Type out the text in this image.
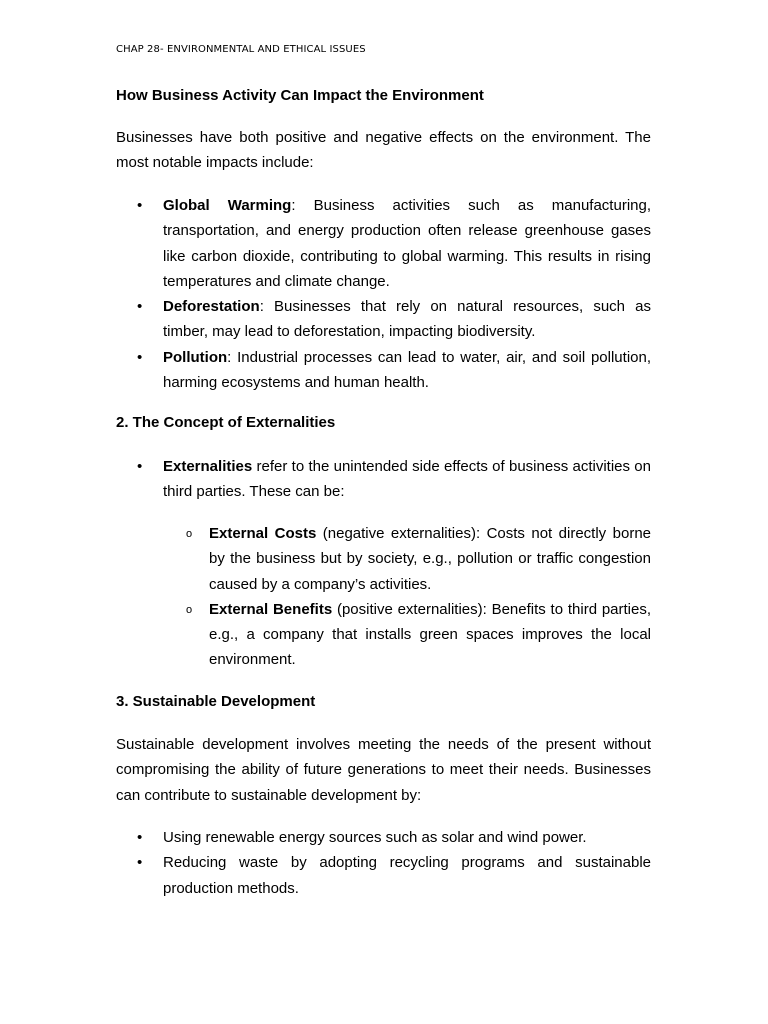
CHAP 28- ENVIRONMENTAL AND ETHICAL ISSUES
How Business Activity Can Impact the Environment
Businesses have both positive and negative effects on the environment. The most notable impacts include:
•	Global Warming: Business activities such as manufacturing, transportation, and energy production often release greenhouse gases like carbon dioxide, contributing to global warming. This results in rising temperatures and climate change.
•	Deforestation: Businesses that rely on natural resources, such as timber, may lead to deforestation, impacting biodiversity.
•	Pollution: Industrial processes can lead to water, air, and soil pollution, harming ecosystems and human health.
2. The Concept of Externalities
•	Externalities refer to the unintended side effects of business activities on third parties. These can be:
o External Costs (negative externalities): Costs not directly borne by the business but by society, e.g., pollution or traffic congestion caused by a company’s activities.
o External Benefits (positive externalities): Benefits to third parties, e.g., a company that installs green spaces improves the local environment.
3. Sustainable Development
Sustainable development involves meeting the needs of the present without compromising the ability of future generations to meet their needs. Businesses can contribute to sustainable development by:
•	Using renewable energy sources such as solar and wind power.
•	Reducing waste by adopting recycling programs and sustainable production methods.
